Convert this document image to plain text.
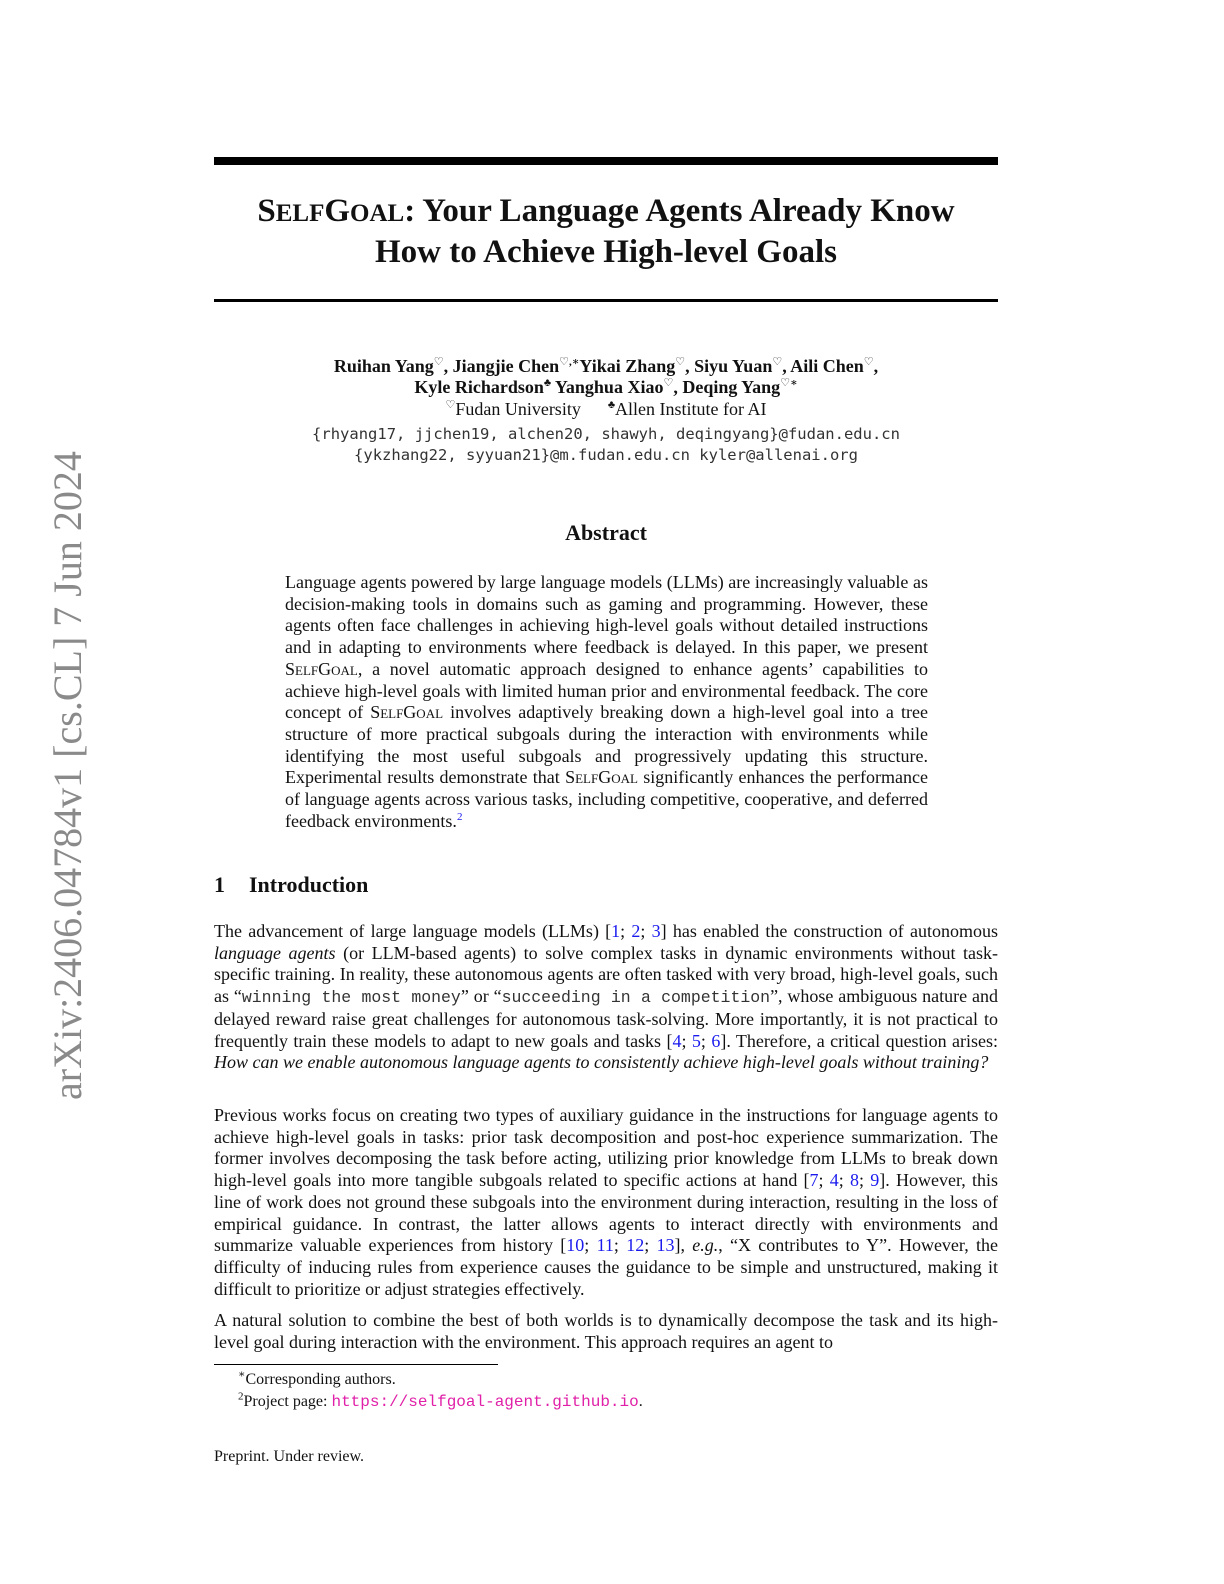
arXiv:2406.04784v1 [cs.CL] 7 Jun 2024
SELFGOAL: Your Language Agents Already Know
How to Achieve High-level Goals
Ruihan Yang♡, Jiangjie Chen♡,∗Yikai Zhang♡, Siyu Yuan♡, Aili Chen♡,
Kyle Richardson♣ Yanghua Xiao♡, Deqing Yang♡∗
♡Fudan University ♣Allen Institute for AI
{rhyang17, jjchen19, alchen20, shawyh, deqingyang}@fudan.edu.cn
{ykzhang22, syyuan21}@m.fudan.edu.cn kyler@allenai.org
Abstract

Language agents powered by large language models (LLMs) are increasingly valuable as decision-making tools in domains such as gaming and programming. However, these agents often face challenges in achieving high-level goals without detailed instructions and in adapting to environments where feedback is delayed. In this paper, we present SelfGoal, a novel automatic approach designed to enhance agents’ capabilities to achieve high-level goals with limited human prior and environmental feedback. The core concept of SelfGoal involves adaptively breaking down a high-level goal into a tree structure of more practical subgoals during the interaction with environments while identifying the most useful subgoals and progressively updating this structure. Experimental results demonstrate that SelfGoal significantly enhances the performance of language agents across various tasks, including competitive, cooperative, and deferred feedback environments.$^2$

1 Introduction

The advancement of large language models (LLMs) [1; 2; 3] has enabled the construction of autonomous language agents (or LLM-based agents) to solve complex tasks in dynamic environments without task-specific training. In reality, these autonomous agents are often tasked with very broad, high-level goals, such as “winning the most money” or “succeeding in a competition”, whose ambiguous nature and delayed reward raise great challenges for autonomous task-solving. More importantly, it is not practical to frequently train these models to adapt to new goals and tasks [4; 5; 6]. Therefore, a critical question arises: How can we enable autonomous language agents to consistently achieve high-level goals without training?

Previous works focus on creating two types of auxiliary guidance in the instructions for language agents to achieve high-level goals in tasks: prior task decomposition and post-hoc experience summarization. The former involves decomposing the task before acting, utilizing prior knowledge from LLMs to break down high-level goals into more tangible subgoals related to specific actions at hand [7; 4; 8; 9]. However, this line of work does not ground these subgoals into the environment during interaction, resulting in the loss of empirical guidance. In contrast, the latter allows agents to interact directly with environments and summarize valuable experiences from history [10; 11; 12; 13], e.g., “X contributes to Y”. However, the difficulty of inducing rules from experience causes the guidance to be simple and unstructured, making it difficult to prioritize or adjust strategies effectively.

A natural solution to combine the best of both worlds is to dynamically decompose the task and its high-level goal during interaction with the environment. This approach requires an agent to

∗Corresponding authors.
$^2$Project page: https://selfgoal-agent.github.io.
Preprint. Under review.
